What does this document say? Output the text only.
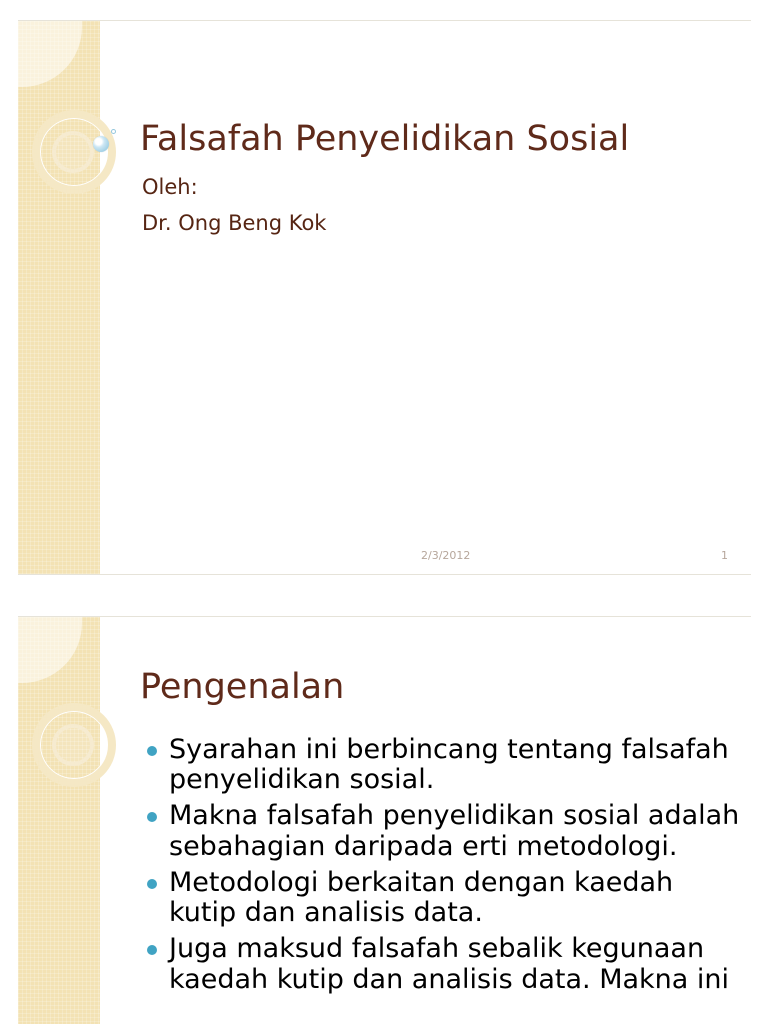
Falsafah Penyelidikan Sosial
Oleh:
Dr. Ong Beng Kok
2/3/2012	1
Pengenalan
Syarahan ini berbincang tentang falsafah
penyelidikan sosial.
Makna falsafah penyelidikan sosial adalah
sebahagian daripada erti metodologi.
Metodologi berkaitan dengan kaedah
kutip dan analisis data.
Juga maksud falsafah sebalik kegunaan
kaedah kutip dan analisis data. Makna ini
